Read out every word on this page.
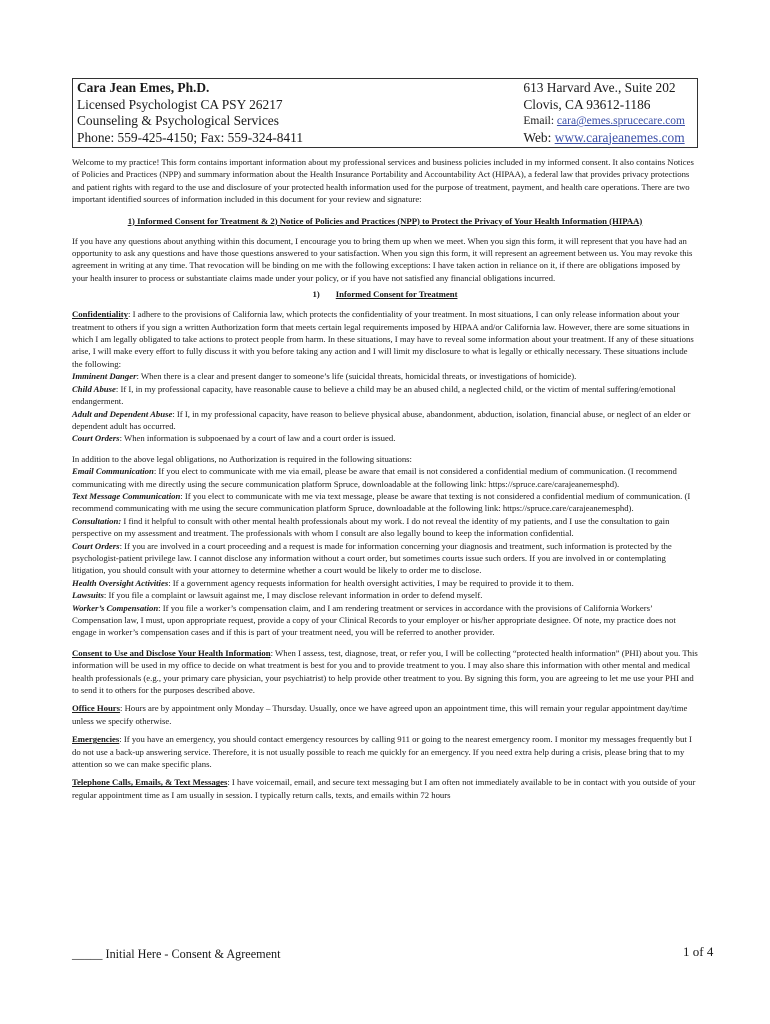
Cara Jean Emes, Ph.D.
Licensed Psychologist CA PSY 26217
Counseling & Psychological Services
Phone: 559-425-4150; Fax: 559-324-8411
613 Harvard Ave., Suite 202
Clovis, CA 93612-1186
Email: cara@emes.sprucecare.com
Web: www.carajeanemes.com

Welcome to my practice! This form contains important information about my professional services and business policies included in my informed consent. It also contains Notices of Policies and Practices (NPP) and summary information about the Health Insurance Portability and Accountability Act (HIPAA), a federal law that provides privacy protections and patient rights with regard to the use and disclosure of your protected health information used for the purpose of treatment, payment, and health care operations. There are two important identified sources of information included in this document for your review and signature:

1) Informed Consent for Treatment & 2) Notice of Policies and Practices (NPP) to Protect the Privacy of Your Health Information (HIPAA)

If you have any questions about anything within this document, I encourage you to bring them up when we meet. When you sign this form, it will represent that you have had an opportunity to ask any questions and have those questions answered to your satisfaction. When you sign this form, it will represent an agreement between us. You may revoke this agreement in writing at any time. That revocation will be binding on me with the following exceptions: I have taken action in reliance on it, if there are obligations imposed by your health insurer to process or substantiate claims made under your policy, or if you have not satisfied any financial obligations incurred.

1) Informed Consent for Treatment

Confidentiality: I adhere to the provisions of California law, which protects the confidentiality of your treatment. In most situations, I can only release information about your treatment to others if you sign a written Authorization form that meets certain legal requirements imposed by HIPAA and/or California law. However, there are some situations in which I am legally obligated to take actions to protect people from harm. In these situations, I may have to reveal some information about your treatment. If any of these situations arise, I will make every effort to fully discuss it with you before taking any action and I will limit my disclosure to what is legally or ethically necessary. These situations include the following:

Imminent Danger: When there is a clear and present danger to someone’s life (suicidal threats, homicidal threats, or investigations of homicide).

Child Abuse: If I, in my professional capacity, have reasonable cause to believe a child may be an abused child, a neglected child, or the victim of mental suffering/emotional endangerment.

Adult and Dependent Abuse: If I, in my professional capacity, have reason to believe physical abuse, abandonment, abduction, isolation, financial abuse, or neglect of an elder or dependent adult has occurred.

Court Orders: When information is subpoenaed by a court of law and a court order is issued.

In addition to the above legal obligations, no Authorization is required in the following situations:

Email Communication: If you elect to communicate with me via email, please be aware that email is not considered a confidential medium of communication. (I recommend communicating with me directly using the secure communication platform Spruce, downloadable at the following link: https://spruce.care/carajeanemesphd).

Text Message Communication: If you elect to communicate with me via text message, please be aware that texting is not considered a confidential medium of communication. (I recommend communicating with me using the secure communication platform Spruce, downloadable at the following link: https://spruce.care/carajeanemesphd).

Consultation: I find it helpful to consult with other mental health professionals about my work. I do not reveal the identity of my patients, and I use the consultation to gain perspective on my assessment and treatment. The professionals with whom I consult are also legally bound to keep the information confidential.

Court Orders: If you are involved in a court proceeding and a request is made for information concerning your diagnosis and treatment, such information is protected by the psychologist-patient privilege law. I cannot disclose any information without a court order, but sometimes courts issue such orders. If you are involved in or contemplating litigation, you should consult with your attorney to determine whether a court would be likely to order me to disclose.

Health Oversight Activities: If a government agency requests information for health oversight activities, I may be required to provide it to them.

Lawsuits: If you file a complaint or lawsuit against me, I may disclose relevant information in order to defend myself.

Worker’s Compensation: If you file a worker’s compensation claim, and I am rendering treatment or services in accordance with the provisions of California Workers’ Compensation law, I must, upon appropriate request, provide a copy of your Clinical Records to your employer or his/her appropriate designee. Of note, my practice does not engage in worker’s compensation cases and if this is part of your treatment need, you will be referred to another provider.

Consent to Use and Disclose Your Health Information: When I assess, test, diagnose, treat, or refer you, I will be collecting “protected health information” (PHI) about you. This information will be used in my office to decide on what treatment is best for you and to provide treatment to you. I may also share this information with other mental and medical health professionals (e.g., your primary care physician, your psychiatrist) to help provide other treatment to you. By signing this form, you are agreeing to let me use your PHI and to send it to others for the purposes described above.

Office Hours: Hours are by appointment only Monday – Thursday. Usually, once we have agreed upon an appointment time, this will remain your regular appointment day/time unless we specify otherwise.

Emergencies: If you have an emergency, you should contact emergency resources by calling 911 or going to the nearest emergency room. I monitor my messages frequently but I do not use a back-up answering service. Therefore, it is not usually possible to reach me quickly for an emergency. If you need extra help during a crisis, please bring that to my attention so we can make specific plans.

Telephone Calls, Emails, & Text Messages: I have voicemail, email, and secure text messaging but I am often not immediately available to be in contact with you outside of your regular appointment time as I am usually in session. I typically return calls, texts, and emails within 72 hours

_____ Initial Here - Consent & Agreement	1 of 4
